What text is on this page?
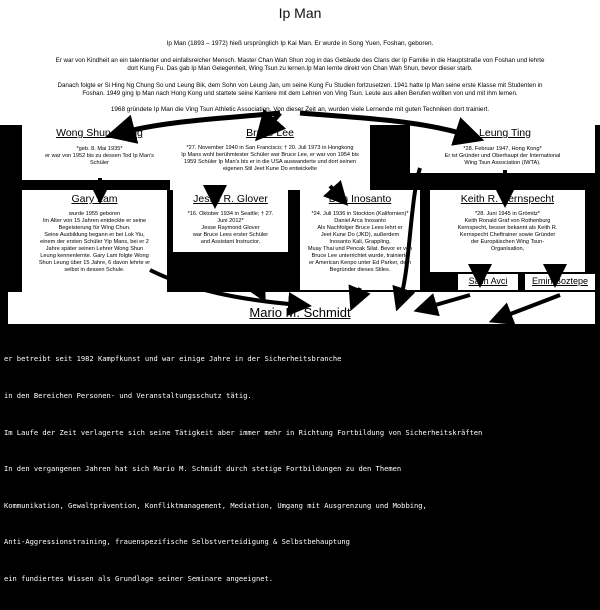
Ip Man
Ip Man (1893 – 1972) hieß ursprünglich Ip Kai Man. Er wurde in Song Yuen, Foshan, geboren.
Er war von Kindheit an ein talentierter und einfallsreicher Mensch. Master Chan Wah Shun zog in das Gebäude des Clans der Ip Familie in die Hauptstraße von Foshan und lehrte
dort Kung Fu. Das gab Ip Man Gelegenheit, Wing Tsun zu lernen.Ip Man lernte direkt von Chan Wah Shun, bevor dieser starb.
Danach folgte er Si Hing Ng Chung So und Leung Bik, dem Sohn von Leung Jan, um seine Kung Fu Studien fortzusetzen. 1941 hatte Ip Man seine erste Klasse mit Studenten in
Foshan. 1949 ging Ip Man nach Hong Kong und startete seine Karriere mit dem Lehren von Ving Tsun. Leute aus allen Berufen wollten von und mit ihm lernen.
1968 gründete Ip Man die Ving Tsun Athletic Association. Von dieser Zeit an, wurden viele Lernende mit guten Techniken dort trainiert.
Wong Shun Leung	Bruce Lee	Leung Ting
*geb. 8. Mai 1935*
er war von 1952 bis zu dessen Tod Ip Man's
Schüler
*27. November 1940 in San Francisco; † 20. Juli 1973 in Hongkong
Ip Mans wohl berühmtester Schüler war Bruce Lee, er war von 1954 bis
1959 Schüler Ip Man's bis er in die USA auswanderte und dort seinen
eigenen Stil Jeet Kune Do entwickelte
*28. Februar 1947, Hong Kong*
Er ist Gründer und Oberhaupt der International
Wing Tsun Association (IWTA).
Gary Lam	Jesse R. Glover	Dan Inosanto	Keith R. Kernspecht
wurde 1955 geboren
Im Alter von 15 Jahren entdeckte er seine
Begeisterung für Wing Chun.
Seine Ausbildung begann er bei Lok Yiu,
einem der ersten Schüler Yip Mans, bei er 2
Jahre später seinen Lehrer Wong Shun
Leung kennenlernte. Gary Lam folgte Wong
Shun Leung über 15 Jahre, 6 davon lehrte er
selbst in dessen Schule.
*16. Oktober 1934 in Seattle; † 27.
Juni 2012*
Jesse Raymond Glover
war Bruce Lees erster Schüler
and Assistant Instructor.
*24. Juli 1936 in Stockton (Kalifornien)*
Daniel Arca Inosanto
Als Nachfolger Bruce Lees lehrt er
Jeet Kune Do (JKD), außerdem
Inosanto Kali, Grappling,
Muay Thai und Pencak Silat. Bevor er von
Bruce Lee unterrichtet wurde, trainierte
er American Kenpo unter Ed Parker, dem
Begründer dieses Stiles.
*28. Juni 1945 in Grömitz*
Keith Ronald Graf von Rothenburg
Kernspecht, besser bekannt als Keith R.
Kernspecht Cheftrainer sowie Gründer
der Europäischen Wing Tsun-
Organisation,
Salih Avci	Emin Boztepe
Mario M. Schmidt

er betreibt seit 1982 Kampfkunst und war einige Jahre in der Sicherheitsbranche

in den Bereichen Personen- und Veranstaltungsschutz tätig.

Im Laufe der Zeit verlagerte sich seine Tätigkeit aber immer mehr in Richtung Fortbildung von Sicherheitskräften

In den vergangenen Jahren hat sich Mario M. Schmidt durch stetige Fortbildungen zu den Themen

Kommunikation, Gewaltprävention, Konfliktmanagement, Mediation, Umgang mit Ausgrenzung und Mobbing,

Anti-Aggressionstraining, frauenspezifische Selbstverteidigung & Selbstbehauptung

ein fundiertes Wissen als Grundlage seiner Seminare angeeignet.
